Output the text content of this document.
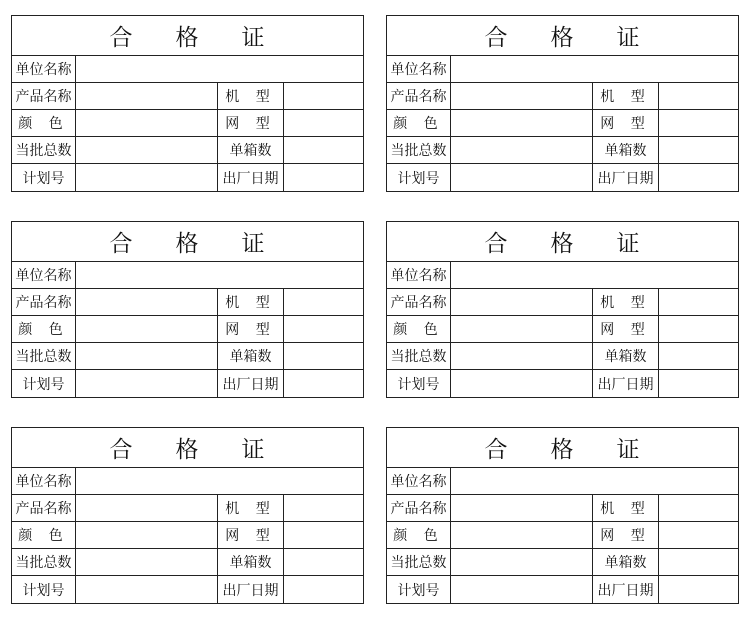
合	格	证
单位名称
产品名称	机 型
颜 色	网 型
当批总数	单箱数
计划号	出厂日期
合	格	证
单位名称
产品名称	机 型
颜 色	网 型
当批总数	单箱数
计划号	出厂日期
合	格	证
单位名称
产品名称	机 型
颜 色	网 型
当批总数	单箱数
计划号	出厂日期
合	格	证
单位名称
产品名称	机 型
颜 色	网 型
当批总数	单箱数
计划号	出厂日期
合	格	证
单位名称
产品名称	机 型
颜 色	网 型
当批总数	单箱数
计划号	出厂日期
合	格	证
单位名称
产品名称	机 型
颜 色	网 型
当批总数	单箱数
计划号	出厂日期
